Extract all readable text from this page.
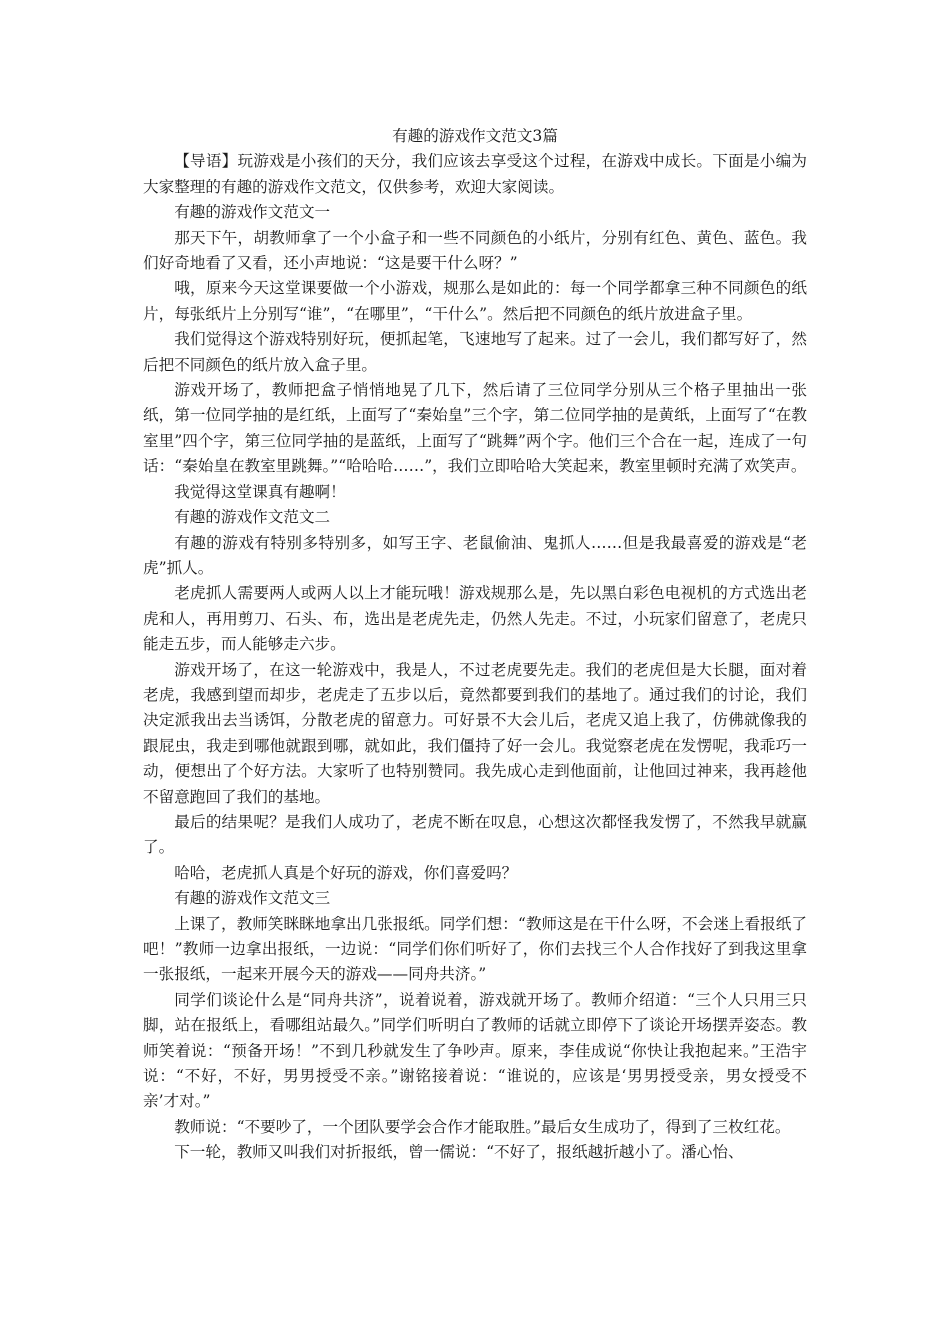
有趣的游戏作文范文3篇

【导语】玩游戏是小孩们的天分，我们应该去享受这个过程，在游戏中成长。下面是小编为大家整理的有趣的游戏作文范文，仅供参考，欢迎大家阅读。

有趣的游戏作文范文一

那天下午，胡教师拿了一个小盒子和一些不同颜色的小纸片，分别有红色、黄色、蓝色。我们好奇地看了又看，还小声地说：“这是要干什么呀？”

哦，原来今天这堂课要做一个小游戏，规那么是如此的：每一个同学都拿三种不同颜色的纸片，每张纸片上分别写“谁”，“在哪里”，“干什么”。然后把不同颜色的纸片放进盒子里。

我们觉得这个游戏特别好玩，便抓起笔，飞速地写了起来。过了一会儿，我们都写好了，然后把不同颜色的纸片放入盒子里。

游戏开场了，教师把盒子悄悄地晃了几下，然后请了三位同学分别从三个格子里抽出一张纸，第一位同学抽的是红纸，上面写了“秦始皇”三个字，第二位同学抽的是黄纸，上面写了“在教室里”四个字，第三位同学抽的是蓝纸，上面写了“跳舞”两个字。他们三个合在一起，连成了一句话：“秦始皇在教室里跳舞。”“哈哈哈……”，我们立即哈哈大笑起来，教室里顿时充满了欢笑声。

我觉得这堂课真有趣啊！

有趣的游戏作文范文二

有趣的游戏有特别多特别多，如写王字、老鼠偷油、鬼抓人……但是我最喜爱的游戏是“老虎”抓人。

老虎抓人需要两人或两人以上才能玩哦！游戏规那么是，先以黑白彩色电视机的方式选出老虎和人，再用剪刀、石头、布，选出是老虎先走，仍然人先走。不过，小玩家们留意了，老虎只能走五步，而人能够走六步。

游戏开场了，在这一轮游戏中，我是人，不过老虎要先走。我们的老虎但是大长腿，面对着老虎，我感到望而却步，老虎走了五步以后，竟然都要到我们的基地了。通过我们的讨论，我们决定派我出去当诱饵，分散老虎的留意力。可好景不大会儿后，老虎又追上我了，仿佛就像我的跟屁虫，我走到哪他就跟到哪，就如此，我们僵持了好一会儿。我觉察老虎在发愣呢，我乖巧一动，便想出了个好方法。大家听了也特别赞同。我先成心走到他面前，让他回过神来，我再趁他不留意跑回了我们的基地。

最后的结果呢？是我们人成功了，老虎不断在叹息，心想这次都怪我发愣了，不然我早就赢了。

哈哈，老虎抓人真是个好玩的游戏，你们喜爱吗？

有趣的游戏作文范文三

上课了，教师笑眯眯地拿出几张报纸。同学们想：“教师这是在干什么呀，不会迷上看报纸了吧！”教师一边拿出报纸，一边说：“同学们你们听好了，你们去找三个人合作找好了到我这里拿一张报纸，一起来开展今天的游戏——同舟共济。”

同学们谈论什么是“同舟共济”，说着说着，游戏就开场了。教师介绍道：“三个人只用三只脚，站在报纸上，看哪组站最久。”同学们听明白了教师的话就立即停下了谈论开场摆弄姿态。教师笑着说：“预备开场！”不到几秒就发生了争吵声。原来，李佳成说“你快让我抱起来。”王浩宇说：“不好，不好，男男授受不亲。”谢铭接着说：“谁说的，应该是‘男男授受亲，男女授受不亲’才对。”

教师说：“不要吵了，一个团队要学会合作才能取胜。”最后女生成功了，得到了三枚红花。

下一轮，教师又叫我们对折报纸，曾一儒说：“不好了，报纸越折越小了。潘心怡、
